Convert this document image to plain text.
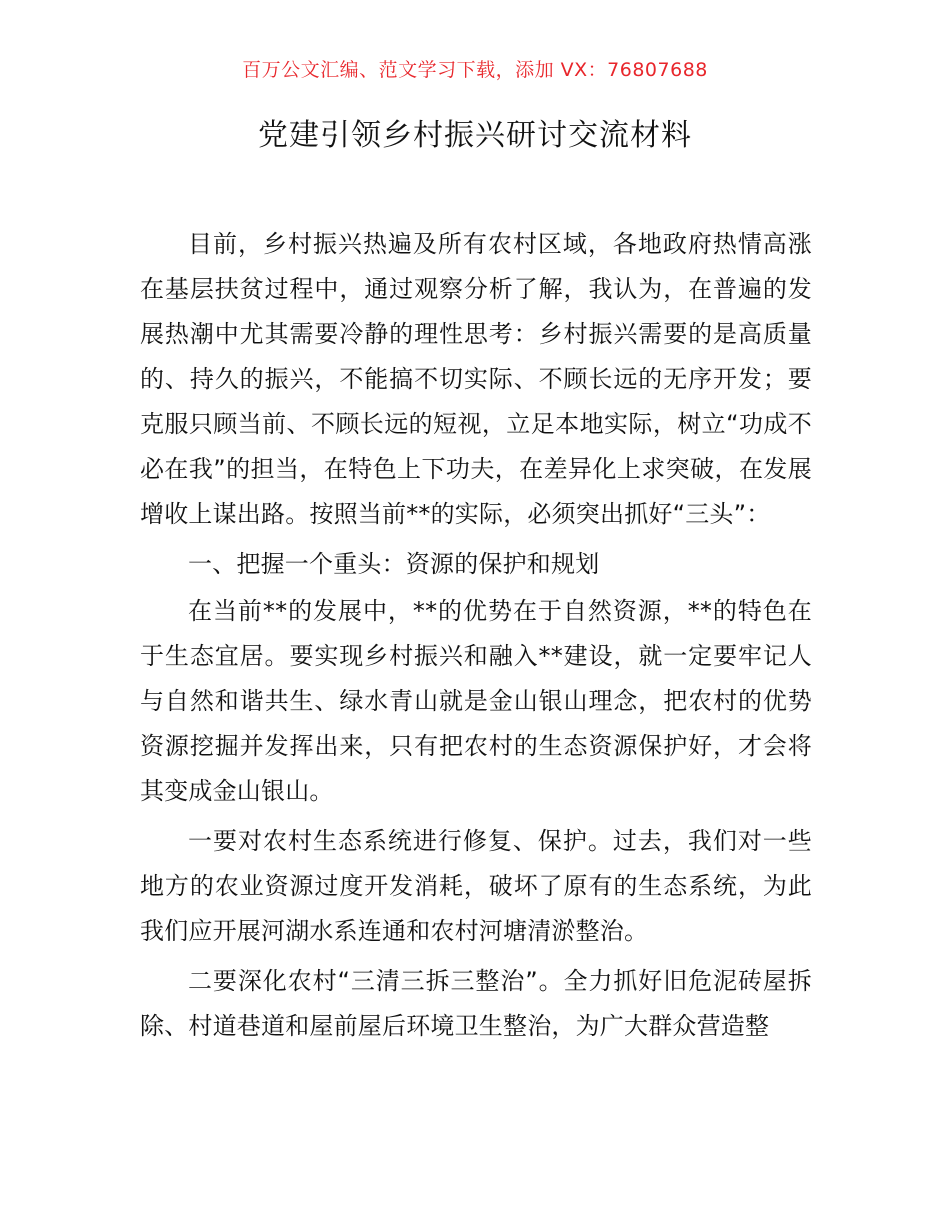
百万公文汇编、范文学习下载，添加 VX：76807688
党建引领乡村振兴研讨交流材料

目前，乡村振兴热遍及所有农村区域，各地政府热情高涨在基层扶贫过程中，通过观察分析了解，我认为，在普遍的发展热潮中尤其需要冷静的理性思考：乡村振兴需要的是高质量的、持久的振兴，不能搞不切实际、不顾长远的无序开发；要克服只顾当前、不顾长远的短视，立足本地实际，树立“功成不必在我”的担当，在特色上下功夫，在差异化上求突破，在发展增收上谋出路。按照当前**的实际，必须突出抓好“三头”：

一、把握一个重头：资源的保护和规划

在当前**的发展中，**的优势在于自然资源，**的特色在于生态宜居。要实现乡村振兴和融入**建设，就一定要牢记人与自然和谐共生、绿水青山就是金山银山理念，把农村的优势资源挖掘并发挥出来，只有把农村的生态资源保护好，才会将其变成金山银山。

一要对农村生态系统进行修复、保护。过去，我们对一些地方的农业资源过度开发消耗，破坏了原有的生态系统，为此我们应开展河湖水系连通和农村河塘清淤整治。

二要深化农村“三清三拆三整治”。全力抓好旧危泥砖屋拆除、村道巷道和屋前屋后环境卫生整治，为广大群众营造整
